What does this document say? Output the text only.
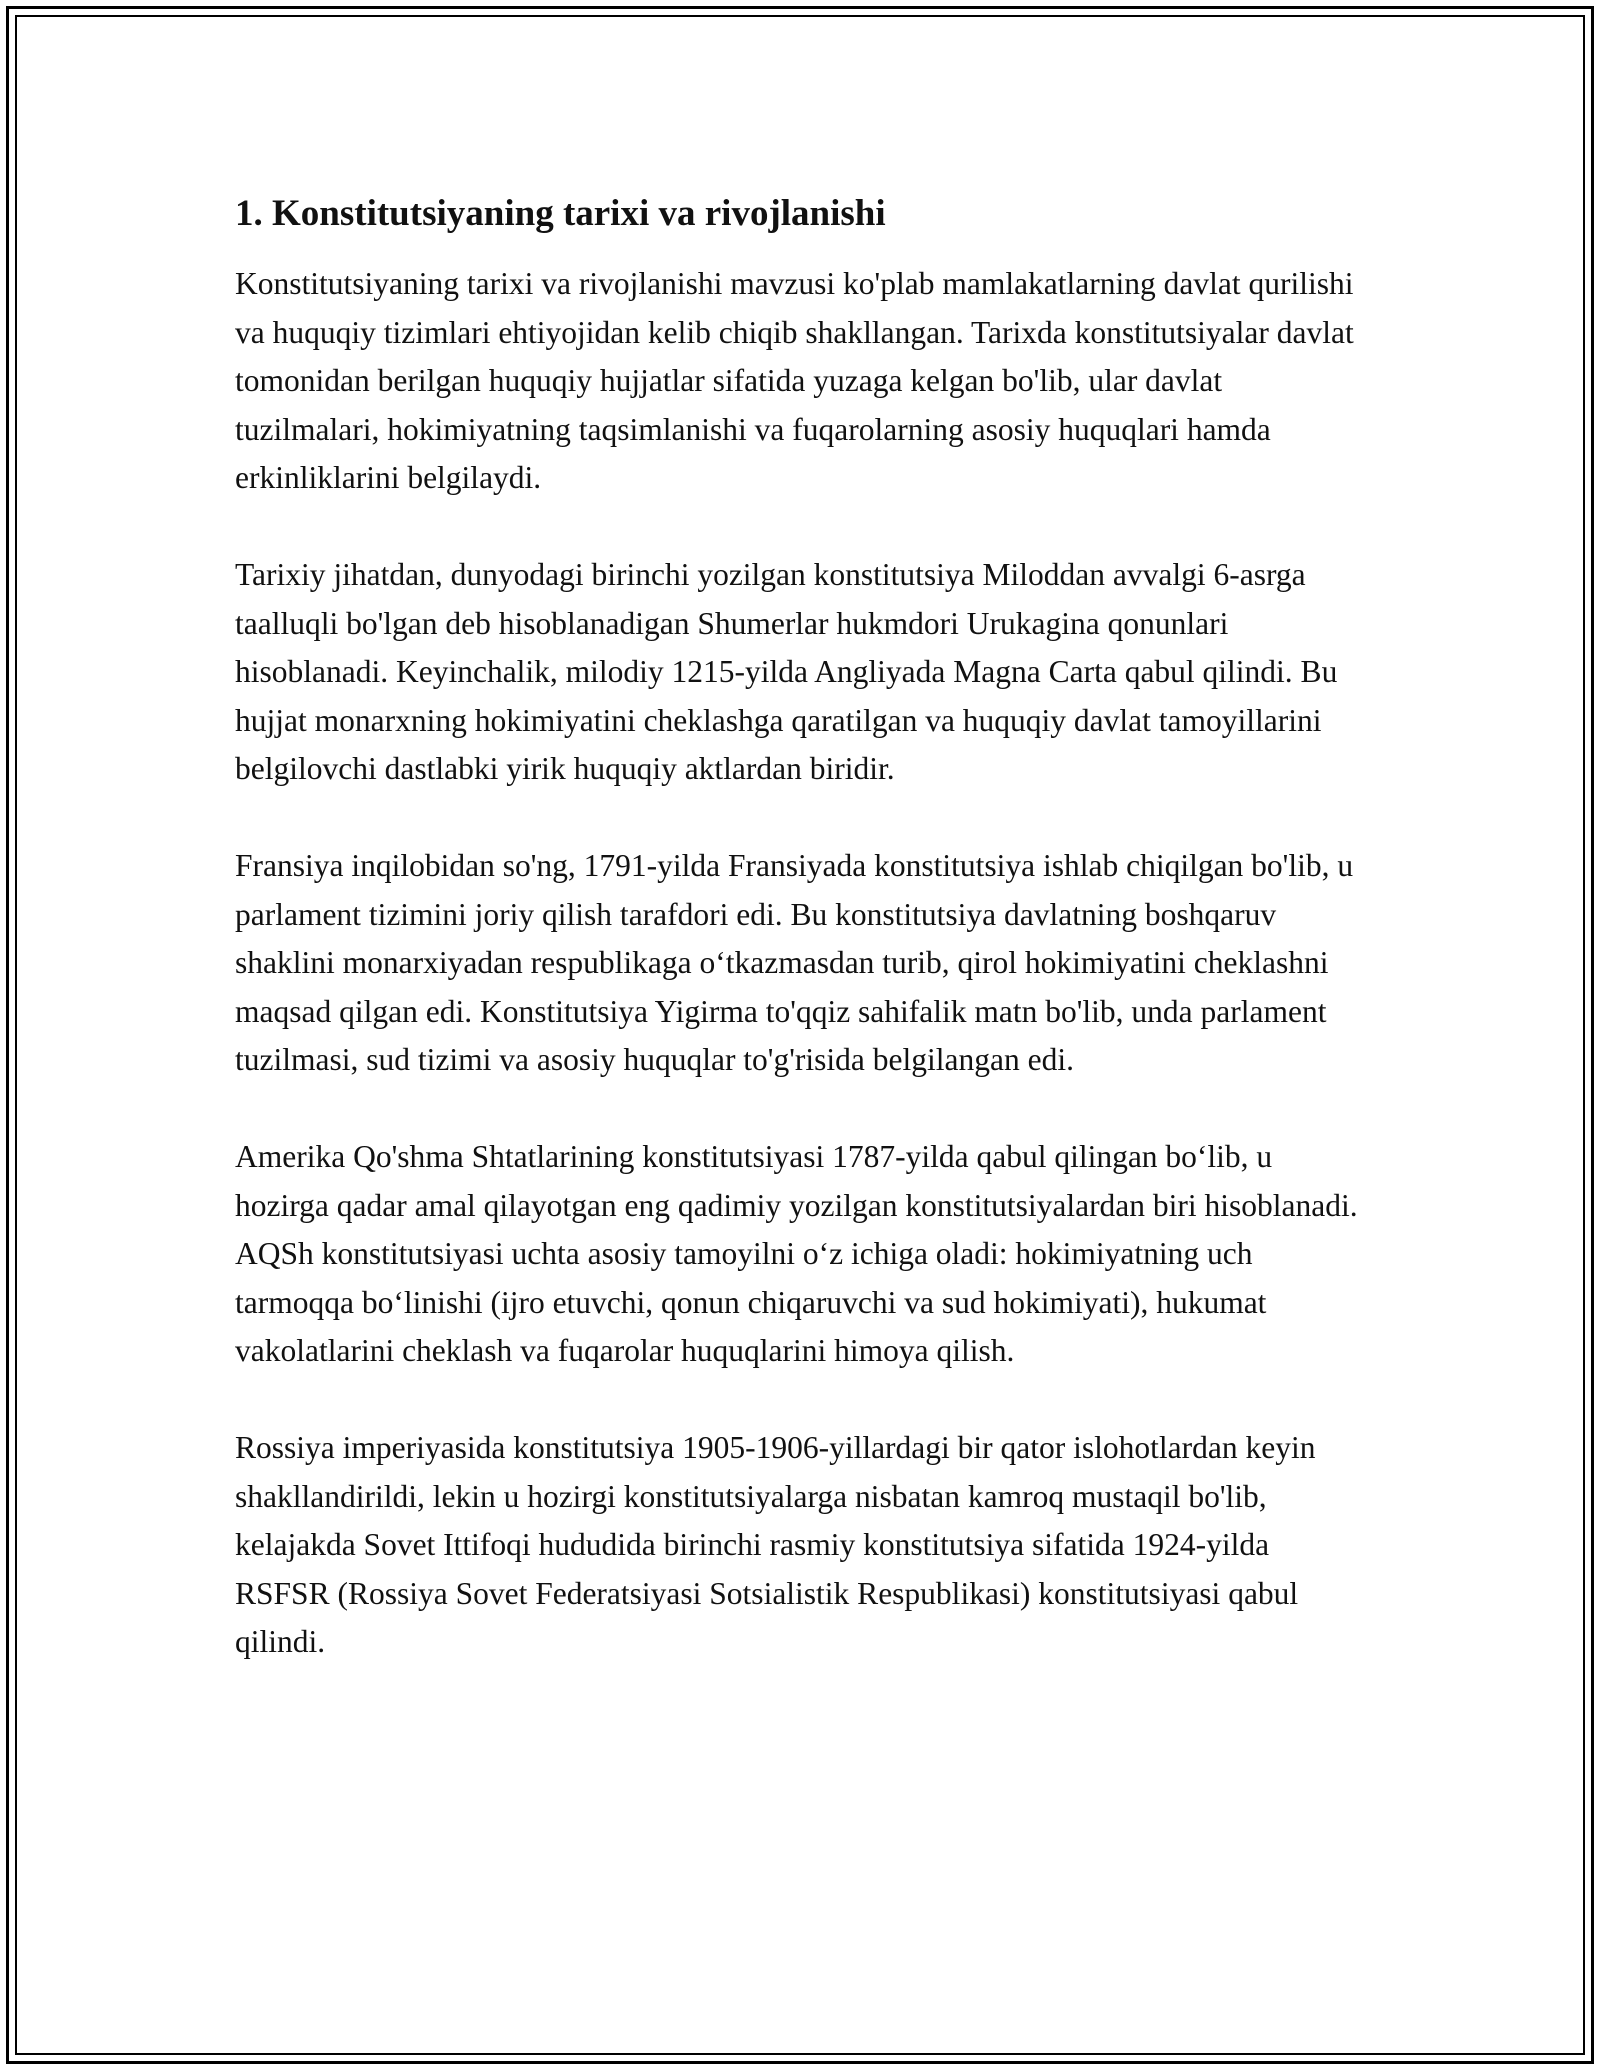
1. Konstitutsiyaning tarixi va rivojlanishi

Konstitutsiyaning tarixi va rivojlanishi mavzusi ko'plab mamlakatlarning davlat qurilishi va huquqiy tizimlari ehtiyojidan kelib chiqib shakllangan. Tarixda konstitutsiyalar davlat tomonidan berilgan huquqiy hujjatlar sifatida yuzaga kelgan bo'lib, ular davlat tuzilmalari, hokimiyatning taqsimlanishi va fuqarolarning asosiy huquqlari hamda erkinliklarini belgilaydi.

Tarixiy jihatdan, dunyodagi birinchi yozilgan konstitutsiya Miloddan avvalgi 6-asrga taalluqli bo'lgan deb hisoblanadigan Shumerlar hukmdori Urukagina qonunlari hisoblanadi. Keyinchalik, milodiy 1215-yilda Angliyada Magna Carta qabul qilindi. Bu hujjat monarxning hokimiyatini cheklashga qaratilgan va huquqiy davlat tamoyillarini belgilovchi dastlabki yirik huquqiy aktlardan biridir.

Fransiya inqilobidan so'ng, 1791-yilda Fransiyada konstitutsiya ishlab chiqilgan bo'lib, u parlament tizimini joriy qilish tarafdori edi. Bu konstitutsiya davlatning boshqaruv shaklini monarxiyadan respublikaga oʻtkazmasdan turib, qirol hokimiyatini cheklashni maqsad qilgan edi. Konstitutsiya Yigirma to'qqiz sahifalik matn bo'lib, unda parlament tuzilmasi, sud tizimi va asosiy huquqlar to'g'risida belgilangan edi.

Amerika Qo'shma Shtatlarining konstitutsiyasi 1787-yilda qabul qilingan boʻlib, u hozirga qadar amal qilayotgan eng qadimiy yozilgan konstitutsiyalardan biri hisoblanadi. AQSh konstitutsiyasi uchta asosiy tamoyilni oʻz ichiga oladi: hokimiyatning uch tarmoqqa boʻlinishi (ijro etuvchi, qonun chiqaruvchi va sud hokimiyati), hukumat vakolatlarini cheklash va fuqarolar huquqlarini himoya qilish.

Rossiya imperiyasida konstitutsiya 1905-1906-yillardagi bir qator islohotlardan keyin shakllandirildi, lekin u hozirgi konstitutsiyalarga nisbatan kamroq mustaqil bo'lib, kelajakda Sovet Ittifoqi hududida birinchi rasmiy konstitutsiya sifatida 1924-yilda RSFSR (Rossiya Sovet Federatsiyasi Sotsialistik Respublikasi) konstitutsiyasi qabul qilindi.
